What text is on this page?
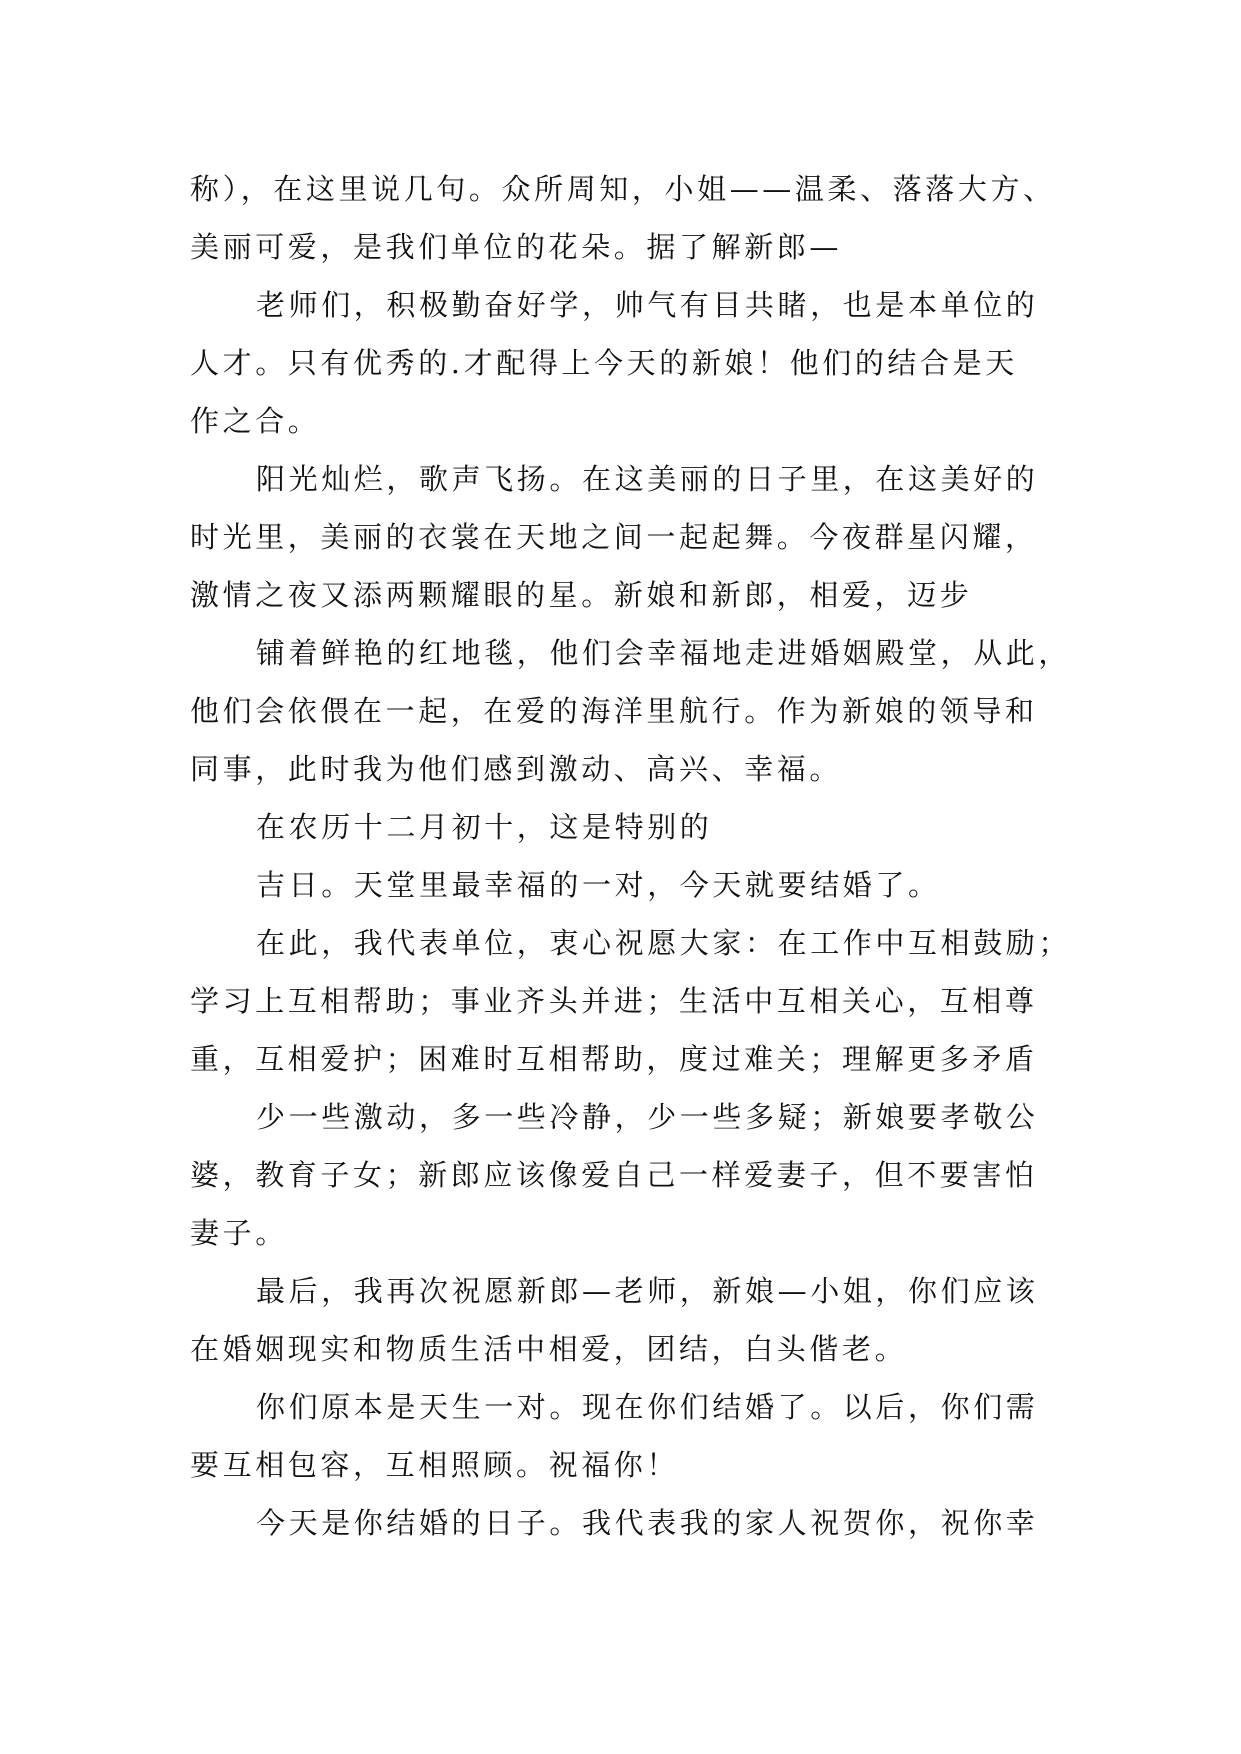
称），在这里说几句。众所周知，小姐——温柔、落落大方、
美丽可爱，是我们单位的花朵。据了解新郎—
老师们，积极勤奋好学，帅气有目共睹，也是本单位的
人才。只有优秀的.才配得上今天的新娘！他们的结合是天
作之合。
阳光灿烂，歌声飞扬。在这美丽的日子里，在这美好的
时光里，美丽的衣裳在天地之间一起起舞。今夜群星闪耀，
激情之夜又添两颗耀眼的星。新娘和新郎，相爱，迈步
铺着鲜艳的红地毯，他们会幸福地走进婚姻殿堂，从此，
他们会依偎在一起，在爱的海洋里航行。作为新娘的领导和
同事，此时我为他们感到激动、高兴、幸福。
在农历十二月初十，这是特别的
吉日。天堂里最幸福的一对，今天就要结婚了。
在此，我代表单位，衷心祝愿大家：在工作中互相鼓励；
学习上互相帮助；事业齐头并进；生活中互相关心，互相尊
重，互相爱护；困难时互相帮助，度过难关；理解更多矛盾
少一些激动，多一些冷静，少一些多疑；新娘要孝敬公
婆，教育子女；新郎应该像爱自己一样爱妻子，但不要害怕
妻子。
最后，我再次祝愿新郎—老师，新娘—小姐，你们应该
在婚姻现实和物质生活中相爱，团结，白头偕老。
你们原本是天生一对。现在你们结婚了。以后，你们需
要互相包容，互相照顾。祝福你！
今天是你结婚的日子。我代表我的家人祝贺你，祝你幸
